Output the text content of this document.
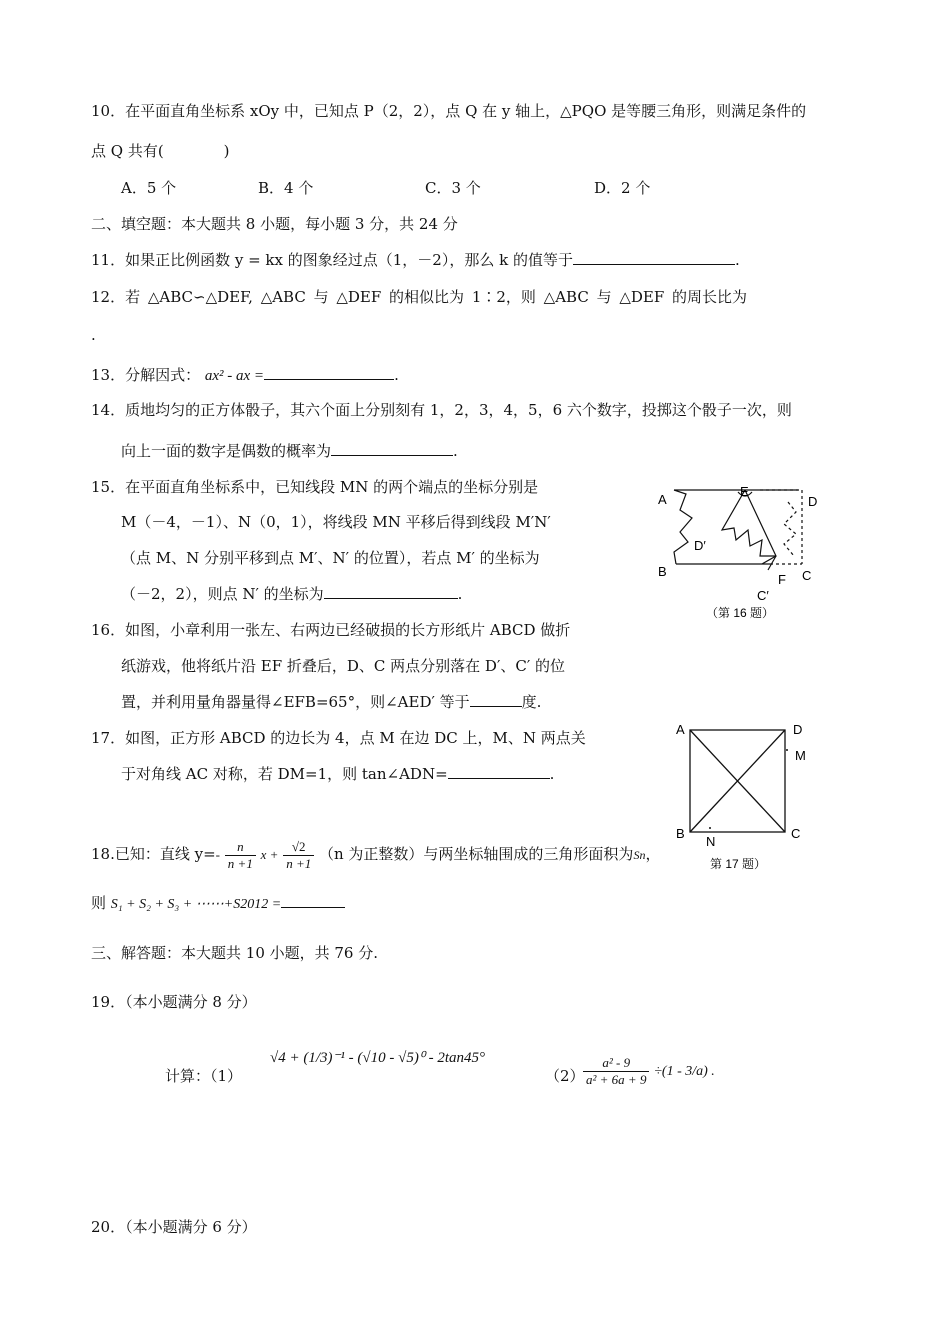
10．在平面直角坐标系 xOy 中，已知点 P（2，2），点 Q 在 y 轴上，△PQO 是等腰三角形，则满足条件的
点 Q 共有(　　　　)
A．5 个	B．4 个	C．3 个	D．2 个
二、填空题：本大题共 8 小题，每小题 3 分，共 24 分
11．如果正比例函数 y = kx 的图象经过点（1，－2），那么 k 的值等于	.
12．若 △ABC∽△DEF, △ABC 与 △DEF 的相似比为 1∶2，则 △ABC 与 △DEF 的周长比为
.
13．分解因式： ax² - ax =	.
14．质地均匀的正方体骰子，其六个面上分别刻有 1，2，3，4，5，6 六个数字，投掷这个骰子一次，则
向上一面的数字是偶数的概率为	.
15．在平面直角坐标系中，已知线段 MN 的两个端点的坐标分别是
M（－4，－1）、N（0，1），将线段 MN 平移后得到线段 M′N′
（点 M、N 分别平移到点 M′、N′ 的位置），若点 M′ 的坐标为
（－2，2），则点 N′ 的坐标为	.
16．如图，小章利用一张左、右两边已经破损的长方形纸片 ABCD 做折
纸游戏，他将纸片沿 EF 折叠后，D、C 两点分别落在 D′、C′ 的位
置，并利用量角器量得∠EFB=65°，则∠AED′ 等于	度.
A
B
E
D
D′
F C
C′
（第 16 题）
17．如图，正方形 ABCD 的边长为 4，点 M 在边 DC 上，M、N 两点关
于对角线 AC 对称，若 DM=1，则 tan∠ADN=	.
A	D
M
B	C
N
第 17 题）
18.已知：直线 $y=- \frac{n}{n +1}$ $x + \frac{√2}{n +1} (n$ 为正整数）与两坐标轴围成的三角形面积为Sn，
则 S₁ + S₂ + S₃ + ⋯⋯+S2012 =
三、解答题：本大题共 10 小题，共 76 分.
19．（本小题满分 8 分）
计算：（1）
√4 + (1/3)⁻¹ - (√10 - √5)⁰ - 2tan45°
（2）
$\frac{\text{a² - 9}}{\text{a² + 6a + 9}} \div(1 - 3/a)$ .
20．（本小题满分 6 分）
